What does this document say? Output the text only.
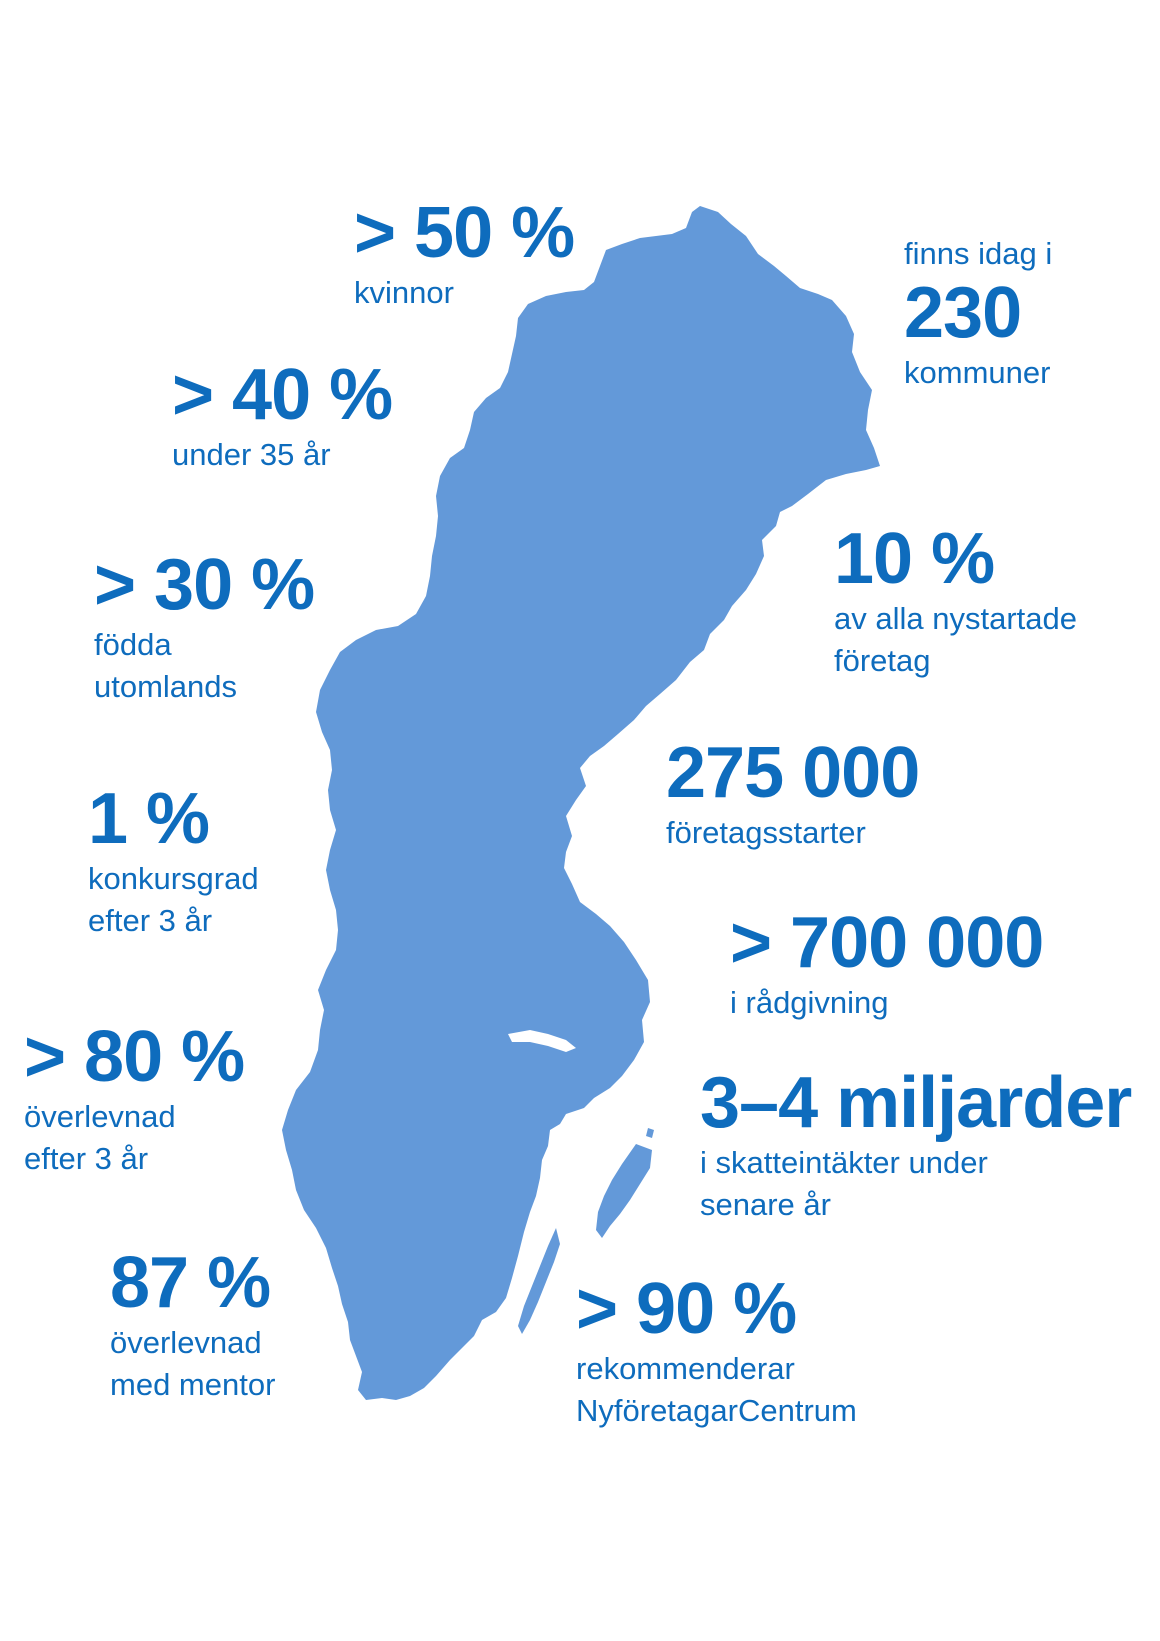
> 50 %
kvinnor
> 40 %
under 35 år
> 30 %
födda
utomlands
1 %
konkursgrad
efter 3 år
> 80 %
överlevnad
efter 3 år
87 %
överlevnad
med mentor
finns idag i
230
kommuner
10 %
av alla nystartade
företag
275 000
företagsstarter
> 700 000
i rådgivning
3–4 miljarder
i skatteintäkter under
senare år
> 90 %
rekommenderar
NyföretagarCentrum
